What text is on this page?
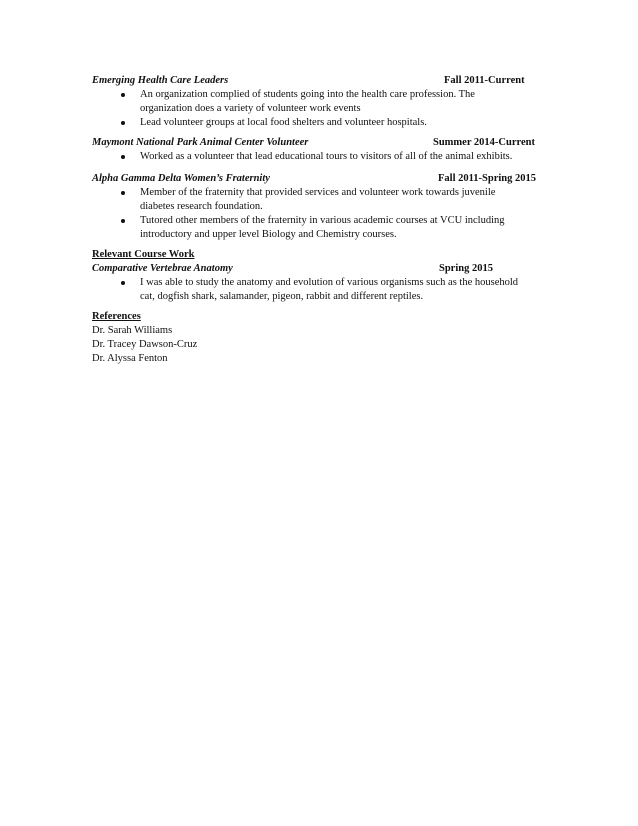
Emerging Health Care Leaders	Fall 2011-Current
An organization complied of students going into the health care profession. The
organization does a variety of volunteer work events
Lead volunteer groups at local food shelters and volunteer hospitals.
Maymont National Park Animal Center Volunteer	Summer 2014-Current
Worked as a volunteer that lead educational tours to visitors of all of the animal exhibits.
Alpha Gamma Delta Women’s Fraternity	Fall 2011-Spring 2015
Member of the fraternity that provided services and volunteer work towards juvenile
diabetes research foundation.
Tutored other members of the fraternity in various academic courses at VCU including
introductory and upper level Biology and Chemistry courses.
Relevant Course Work
Comparative Vertebrae Anatomy	Spring 2015
I was able to study the anatomy and evolution of various organisms such as the household
cat, dogfish shark, salamander, pigeon, rabbit and different reptiles.
References
Dr. Sarah Williams
Dr. Tracey Dawson-Cruz
Dr. Alyssa Fenton
